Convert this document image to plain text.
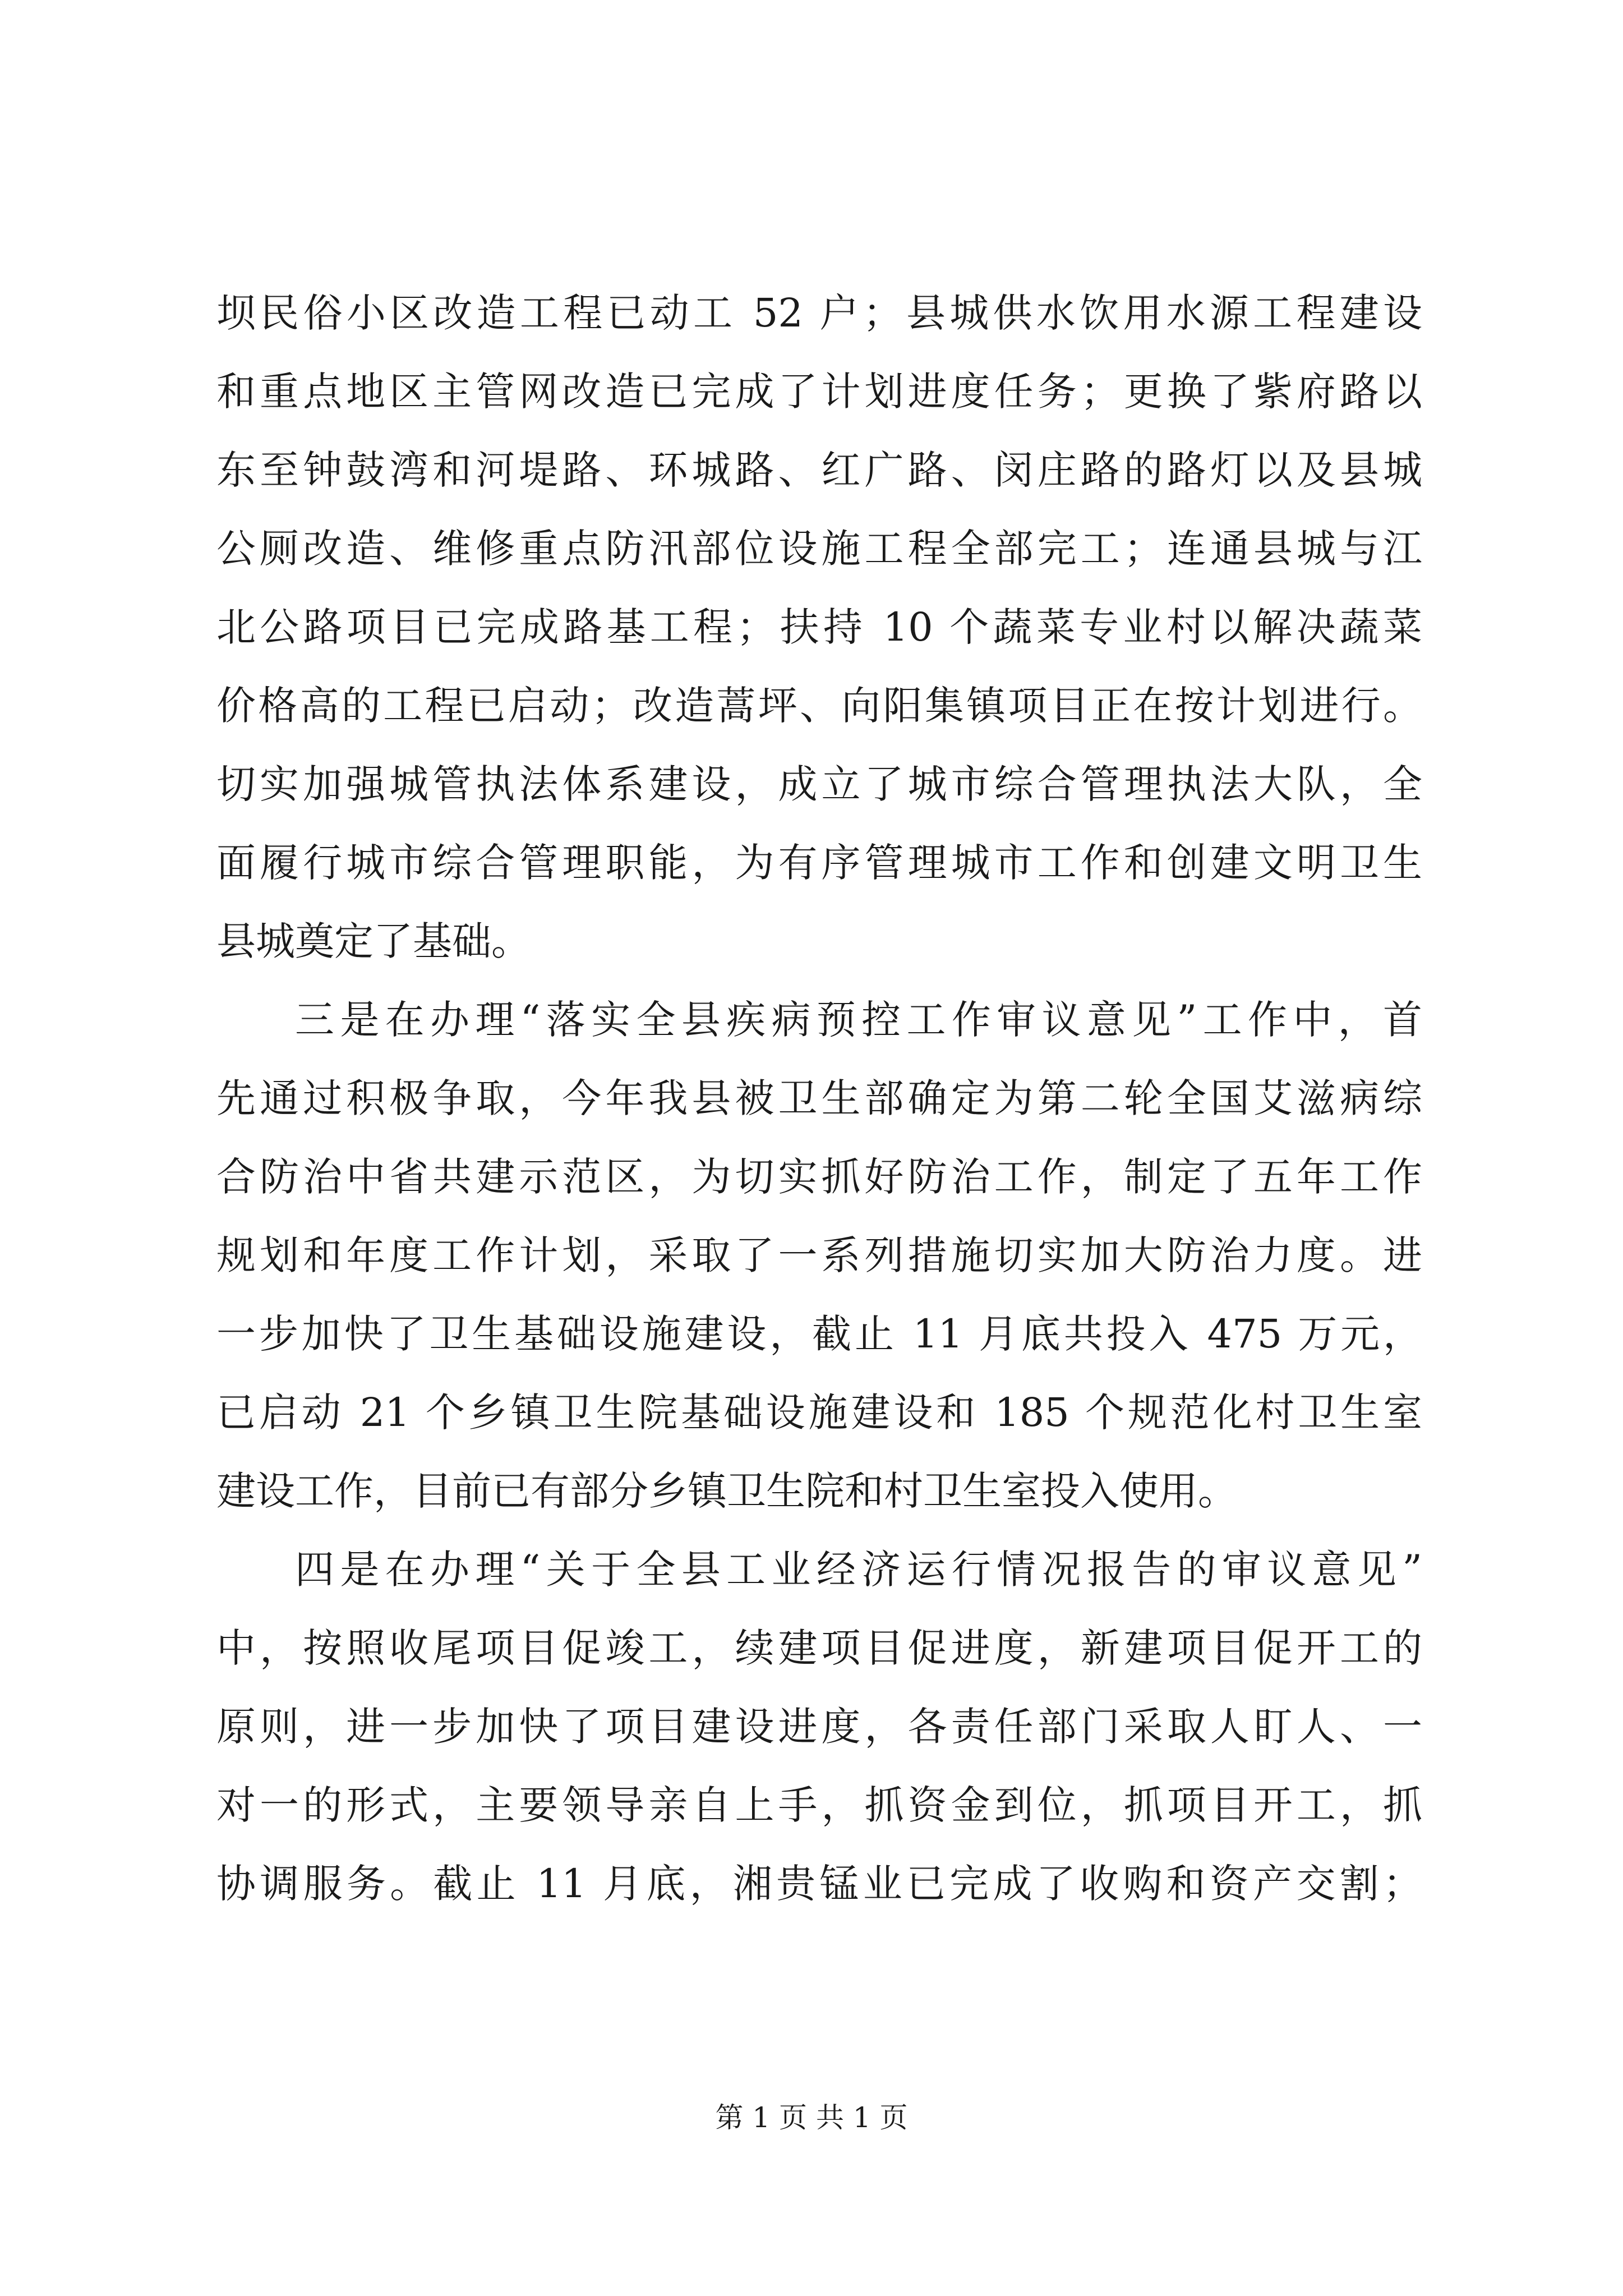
坝民俗小区改造工程已动工 52 户；县城供水饮用水源工程建设
和重点地区主管网改造已完成了计划进度任务；更换了紫府路以
东至钟鼓湾和河堤路、环城路、红广路、闵庄路的路灯以及县城
公厕改造、维修重点防汛部位设施工程全部完工；连通县城与江
北公路项目已完成路基工程；扶持 10 个蔬菜专业村以解决蔬菜
价格高的工程已启动；改造蒿坪、向阳集镇项目正在按计划进行。
切实加强城管执法体系建设，成立了城市综合管理执法大队，全
面履行城市综合管理职能，为有序管理城市工作和创建文明卫生
县城奠定了基础。
三是在办理“落实全县疾病预控工作审议意见”工作中，首
先通过积极争取，今年我县被卫生部确定为第二轮全国艾滋病综
合防治中省共建示范区，为切实抓好防治工作，制定了五年工作
规划和年度工作计划，采取了一系列措施切实加大防治力度。进
一步加快了卫生基础设施建设，截止 11 月底共投入 475 万元，
已启动 21 个乡镇卫生院基础设施建设和 185 个规范化村卫生室
建设工作，目前已有部分乡镇卫生院和村卫生室投入使用。
四是在办理“关于全县工业经济运行情况报告的审议意见”
中，按照收尾项目促竣工，续建项目促进度，新建项目促开工的
原则，进一步加快了项目建设进度，各责任部门采取人盯人、一
对一的形式，主要领导亲自上手，抓资金到位，抓项目开工，抓
协调服务。截止 11 月底，湘贵锰业已完成了收购和资产交割；
第 1 页 共 1 页
